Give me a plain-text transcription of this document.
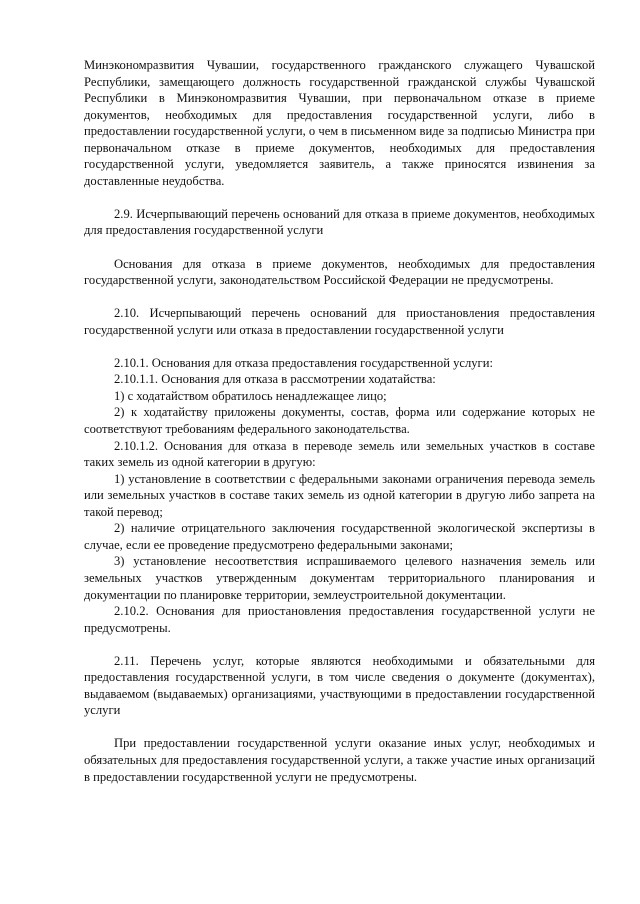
Минэкономразвития Чувашии, государственного гражданского служащего Чувашской Республики, замещающего должность государственной гражданской службы Чувашской Республики в Минэкономразвития Чувашии, при первоначальном отказе в приеме документов, необходимых для предоставления государственной услуги, либо в предоставлении государственной услуги, о чем в письменном виде за подписью Министра при первоначальном отказе в приеме документов, необходимых для предоставления государственной услуги, уведомляется заявитель, а также приносятся извинения за доставленные неудобства.
2.9. Исчерпывающий перечень оснований для отказа в приеме документов, необходимых для предоставления государственной услуги
Основания для отказа в приеме документов, необходимых для предоставления государственной услуги, законодательством Российской Федерации не предусмотрены.
2.10. Исчерпывающий перечень оснований для приостановления предоставления государственной услуги или отказа в предоставлении государственной услуги
2.10.1. Основания для отказа предоставления государственной услуги:
2.10.1.1. Основания для отказа в рассмотрении ходатайства:
1) с ходатайством обратилось ненадлежащее лицо;
2) к ходатайству приложены документы, состав, форма или содержание которых не соответствуют требованиям федерального законодательства.
2.10.1.2. Основания для отказа в переводе земель или земельных участков в составе таких земель из одной категории в другую:
1) установление в соответствии с федеральными законами ограничения перевода земель или земельных участков в составе таких земель из одной категории в другую либо запрета на такой перевод;
2) наличие отрицательного заключения государственной экологической экспертизы в случае, если ее проведение предусмотрено федеральными законами;
3) установление несоответствия испрашиваемого целевого назначения земель или земельных участков утвержденным документам территориального планирования и документации по планировке территории, землеустроительной документации.
2.10.2. Основания для приостановления предоставления государственной услуги не предусмотрены.
2.11. Перечень услуг, которые являются необходимыми и обязательными для предоставления государственной услуги, в том числе сведения о документе (документах), выдаваемом (выдаваемых) организациями, участвующими в предоставлении государственной услуги
При предоставлении государственной услуги оказание иных услуг, необходимых и обязательных для предоставления государственной услуги, а также участие иных организаций в предоставлении государственной услуги не предусмотрены.
